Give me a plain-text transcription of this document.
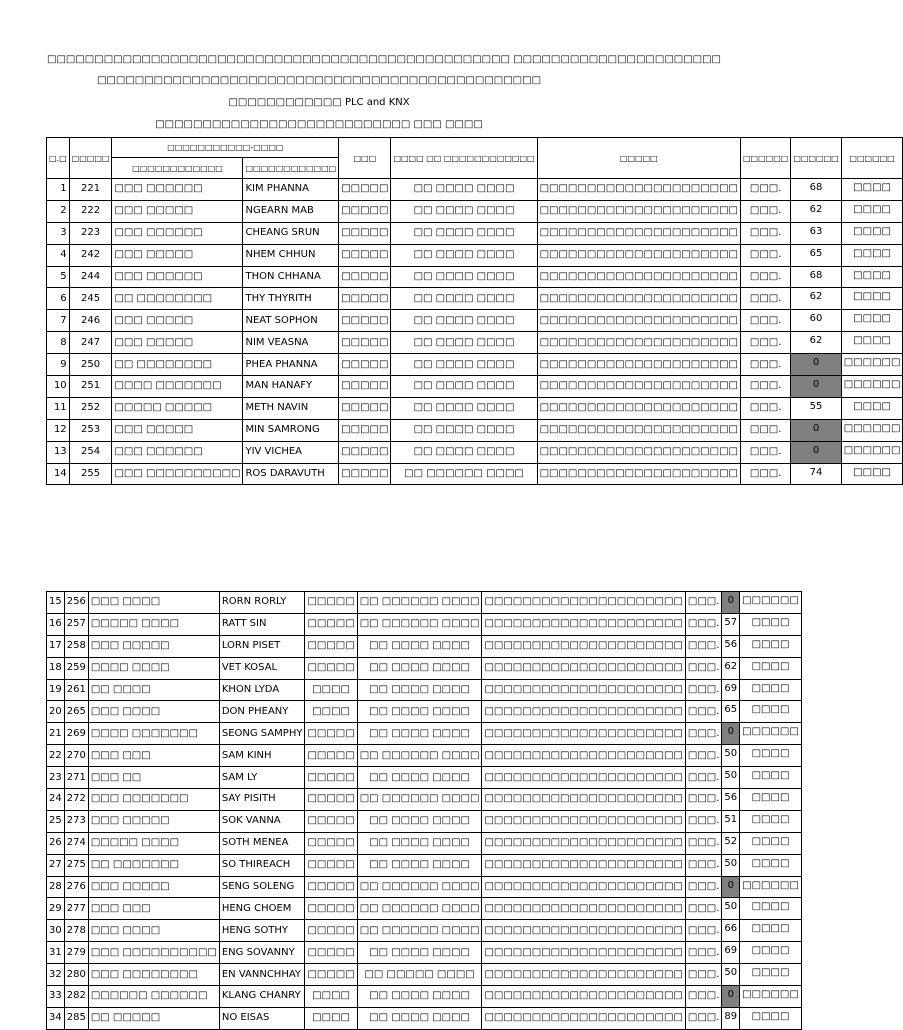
□□□□□□□□□□□□□□□□□□□□□□□□□□□□□□□□□□□□□□□□□□□□□□□□□ □□□□□□□□□□□□□□□□□□□□□□
□□□□□□□□□□□□□□□□□□□□□□□□□□□□□□□□□□□□□□□□□□□□□□□
□□□□□□□□□□□□ PLC and KNX
□□□□□□□□□□□□□□□□□□□□□□□□□□□ □□□ □□□□
□.□	□□□□□	□□□□□□□□□□□-□□□□		□□□	□□□□ □□ □□□□□□□□□□□□	□□□□□	□□□□□□	□□□□□□	□□□□□□
		□□□□□□□□□□□□	□□□□□□□□□□□□						
1	221	□□□ □□□□□□	KIM PHANNA	□□□□□	□□ □□□□ □□□□	□□□□□□□□□□□□□□□□□□□□□	□□□.	68	□□□□
2	222	□□□ □□□□□	NGEARN MAB	□□□□□	□□ □□□□ □□□□	□□□□□□□□□□□□□□□□□□□□□	□□□.	62	□□□□
3	223	□□□ □□□□□□	CHEANG SRUN	□□□□□	□□ □□□□ □□□□	□□□□□□□□□□□□□□□□□□□□□	□□□.	63	□□□□
4	242	□□□ □□□□□	NHEM CHHUN	□□□□□	□□ □□□□ □□□□	□□□□□□□□□□□□□□□□□□□□□	□□□.	65	□□□□
5	244	□□□ □□□□□□	THON CHHANA	□□□□□	□□ □□□□ □□□□	□□□□□□□□□□□□□□□□□□□□□	□□□.	68	□□□□
6	245	□□ □□□□□□□□	THY THYRITH	□□□□□	□□ □□□□ □□□□	□□□□□□□□□□□□□□□□□□□□□	□□□.	62	□□□□
7	246	□□□ □□□□□	NEAT SOPHON	□□□□□	□□ □□□□ □□□□	□□□□□□□□□□□□□□□□□□□□□	□□□.	60	□□□□
8	247	□□□ □□□□□	NIM VEASNA	□□□□□	□□ □□□□ □□□□	□□□□□□□□□□□□□□□□□□□□□	□□□.	62	□□□□
9	250	□□ □□□□□□□□	PHEA PHANNA	□□□□□	□□ □□□□ □□□□	□□□□□□□□□□□□□□□□□□□□□	□□□.	0	□□□□□□
10	251	□□□□ □□□□□□□	MAN HANAFY	□□□□□	□□ □□□□ □□□□	□□□□□□□□□□□□□□□□□□□□□	□□□.	0	□□□□□□
11	252	□□□□□ □□□□□	METH NAVIN	□□□□□	□□ □□□□ □□□□	□□□□□□□□□□□□□□□□□□□□□	□□□.	55	□□□□
12	253	□□□ □□□□□	MIN SAMRONG	□□□□□	□□ □□□□ □□□□	□□□□□□□□□□□□□□□□□□□□□	□□□.	0	□□□□□□
13	254	□□□ □□□□□□	YIV VICHEA	□□□□□	□□ □□□□ □□□□	□□□□□□□□□□□□□□□□□□□□□	□□□.	0	□□□□□□
14	255	□□□ □□□□□□□□□□	ROS DARAVUTH	□□□□□	□□ □□□□□□ □□□□	□□□□□□□□□□□□□□□□□□□□□	□□□.	74	□□□□
15	256	□□□ □□□□	RORN RORLY	□□□□□	□□ □□□□□□ □□□□	□□□□□□□□□□□□□□□□□□□□□	□□□.	0	□□□□□□
16	257	□□□□□ □□□□	RATT SIN	□□□□□	□□ □□□□□□ □□□□	□□□□□□□□□□□□□□□□□□□□□	□□□.	57	□□□□
17	258	□□□ □□□□□	LORN PISET	□□□□□	□□ □□□□ □□□□	□□□□□□□□□□□□□□□□□□□□□	□□□.	56	□□□□
18	259	□□□□ □□□□	VET KOSAL	□□□□□	□□ □□□□ □□□□	□□□□□□□□□□□□□□□□□□□□□	□□□.	62	□□□□
19	261	□□ □□□□	KHON LYDA	□□□□	□□ □□□□ □□□□	□□□□□□□□□□□□□□□□□□□□□	□□□.	69	□□□□
20	265	□□□ □□□□	DON PHEANY	□□□□	□□ □□□□ □□□□	□□□□□□□□□□□□□□□□□□□□□	□□□.	65	□□□□
21	269	□□□□ □□□□□□□	SEONG SAMPHY	□□□□□	□□ □□□□ □□□□	□□□□□□□□□□□□□□□□□□□□□	□□□.	0	□□□□□□
22	270	□□□ □□□	SAM KINH	□□□□□	□□ □□□□□□ □□□□	□□□□□□□□□□□□□□□□□□□□□	□□□.	50	□□□□
23	271	□□□ □□	SAM LY	□□□□□	□□ □□□□ □□□□	□□□□□□□□□□□□□□□□□□□□□	□□□.	50	□□□□
24	272	□□□ □□□□□□□	SAY PISITH	□□□□□	□□ □□□□□□ □□□□	□□□□□□□□□□□□□□□□□□□□□	□□□.	56	□□□□
25	273	□□□ □□□□□	SOK VANNA	□□□□□	□□ □□□□ □□□□	□□□□□□□□□□□□□□□□□□□□□	□□□.	51	□□□□
26	274	□□□□□ □□□□	SOTH MENEA	□□□□□	□□ □□□□ □□□□	□□□□□□□□□□□□□□□□□□□□□	□□□.	52	□□□□
27	275	□□ □□□□□□□	SO THIREACH	□□□□□	□□ □□□□ □□□□	□□□□□□□□□□□□□□□□□□□□□	□□□.	50	□□□□
28	276	□□□ □□□□□	SENG SOLENG	□□□□□	□□ □□□□□□ □□□□	□□□□□□□□□□□□□□□□□□□□□	□□□.	0	□□□□□□
29	277	□□□ □□□	HENG CHOEM	□□□□□	□□ □□□□□□ □□□□	□□□□□□□□□□□□□□□□□□□□□	□□□.	50	□□□□
30	278	□□□ □□□□	HENG SOTHY	□□□□□	□□ □□□□□□ □□□□	□□□□□□□□□□□□□□□□□□□□□	□□□.	66	□□□□
31	279	□□□ □□□□□□□□□□	ENG SOVANNY	□□□□□	□□ □□□□ □□□□	□□□□□□□□□□□□□□□□□□□□□	□□□.	69	□□□□
32	280	□□□ □□□□□□□□	EN VANNCHHAY	□□□□□	□□ □□□□□ □□□□	□□□□□□□□□□□□□□□□□□□□□	□□□.	50	□□□□
33	282	□□□□□□ □□□□□□	KLANG CHANRY	□□□□	□□ □□□□ □□□□	□□□□□□□□□□□□□□□□□□□□□	□□□.	0	□□□□□□
34	285	□□ □□□□□	NO EISAS	□□□□	□□ □□□□ □□□□	□□□□□□□□□□□□□□□□□□□□□	□□□.	89	□□□□
